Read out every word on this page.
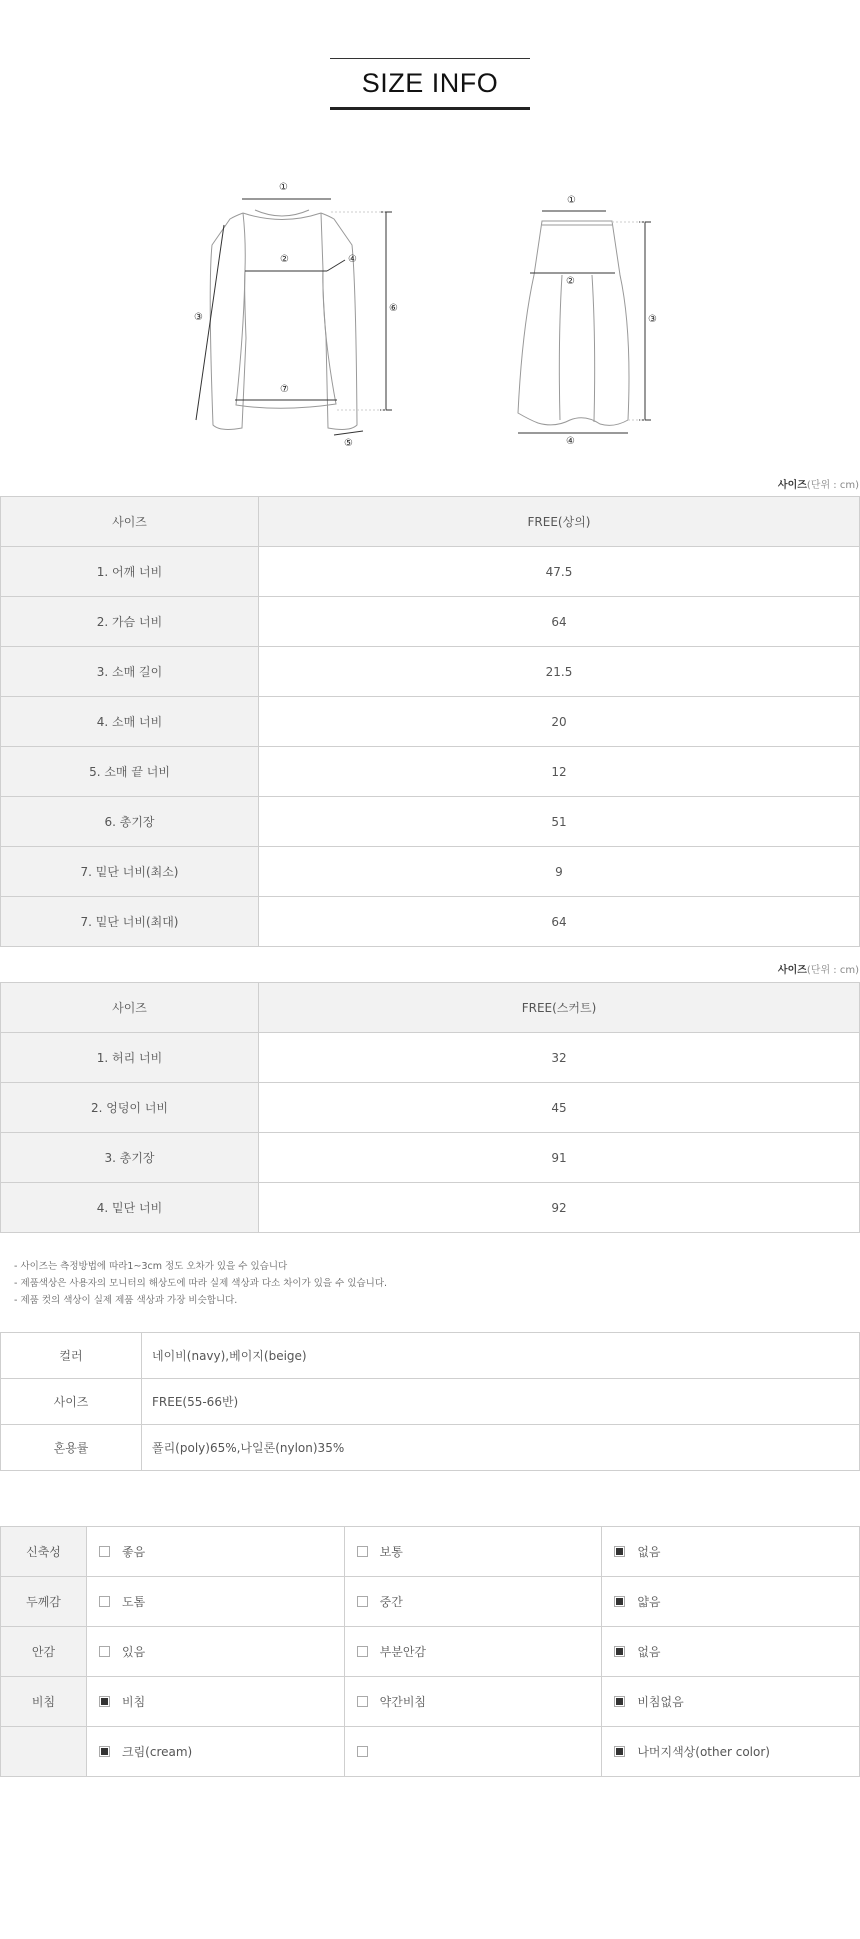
SIZE INFO
①
②
③
④
⑤
⑥
⑦
①
②
③
④
사이즈(단위 : cm)
사이즈	FREE(상의)
1. 어깨 너비	47.5
2. 가슴 너비	64
3. 소매 길이	21.5
4. 소매 너비	20
5. 소매 끝 너비	12
6. 총기장	51
7. 밑단 너비(최소)	9
7. 밑단 너비(최대)	64
사이즈(단위 : cm)
사이즈	FREE(스커트)
1. 허리 너비	32
2. 엉덩이 너비	45
3. 총기장	91
4. 밑단 너비	92
- 사이즈는 측정방법에 따라1~3cm 정도 오차가 있을 수 있습니다
- 제품색상은 사용자의 모니터의 해상도에 따라 실제 색상과 다소 차이가 있을 수 있습니다.
- 제품 컷의 색상이 실제 제품 색상과 가장 비슷합니다.
컬러	네이비(navy),베이지(beige)
사이즈	FREE(55-66반)
혼용률	폴리(poly)65%,나일론(nylon)35%
신축성	좋음	보통	없음
두께감	도톰	중간	얇음
안감	있음	부분안감	없음
비침	비침	약간비침	비침없음
	크림(cream)		나머지색상(other color)
